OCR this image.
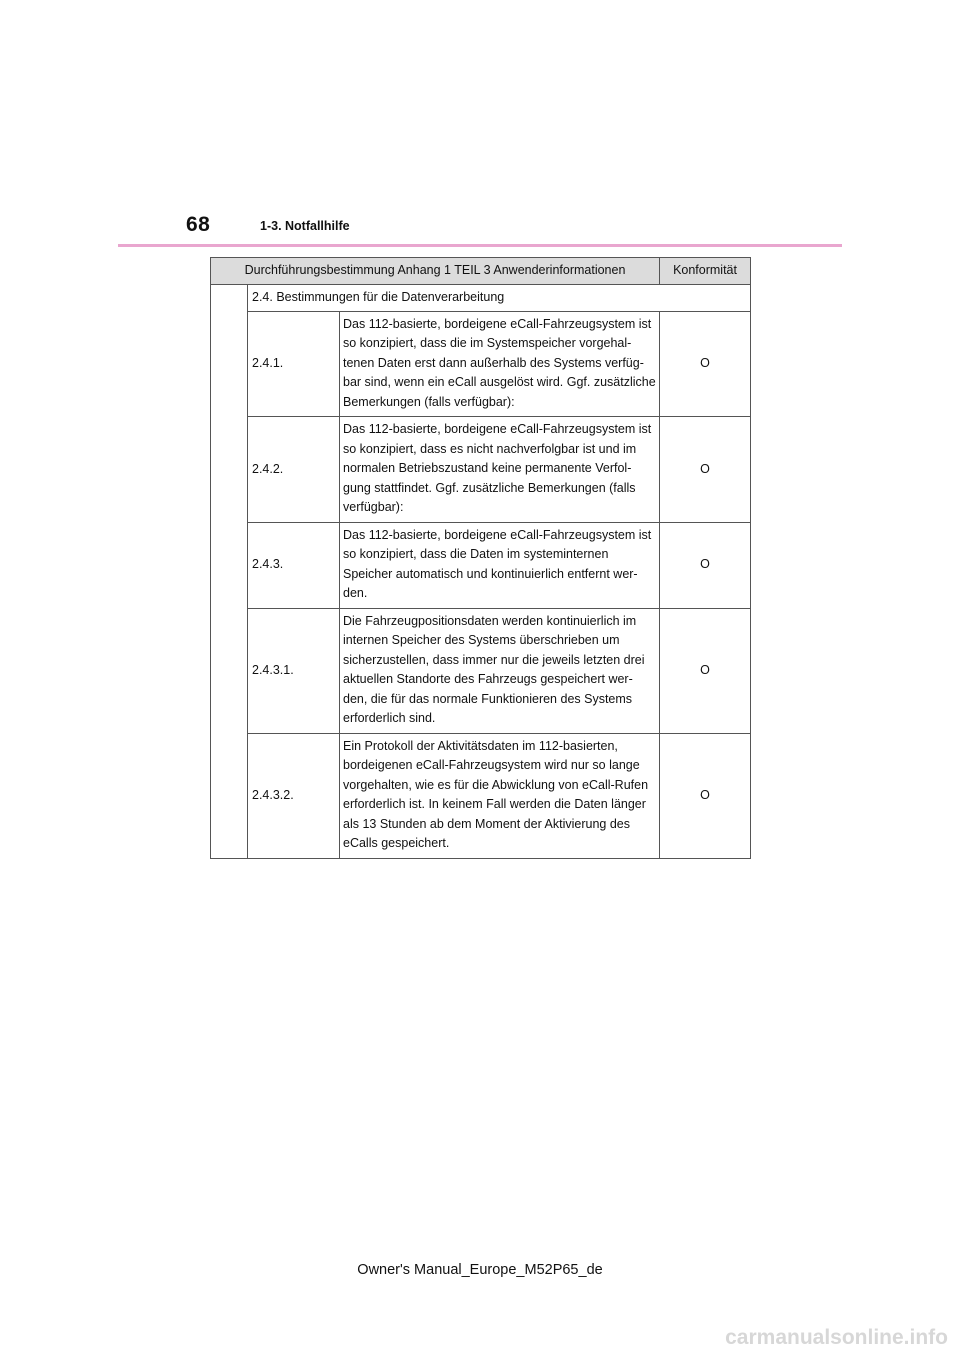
68	1-3. Notfallhilfe
Durchführungsbestimmung Anhang 1 TEIL 3 Anwenderinformationen			Konformität
	2.4. Bestimmungen für die Datenverarbeitung		
	2.4.1.	Das 112-basierte, bordeigene eCall-Fahrzeugsystem ist so konzipiert, dass die im Systemspeicher vorgehal- tenen Daten erst dann außerhalb des Systems verfüg- bar sind, wenn ein eCall ausgelöst wird. Ggf. zusätzliche Bemerkungen (falls verfügbar):	O
	2.4.2.	Das 112-basierte, bordeigene eCall-Fahrzeugsystem ist so konzipiert, dass es nicht nachverfolgbar ist und im normalen Betriebszustand keine permanente Verfol- gung stattfindet. Ggf. zusätzliche Bemerkungen (falls verfügbar):	O
	2.4.3.	Das 112-basierte, bordeigene eCall-Fahrzeugsystem ist so konzipiert, dass die Daten im systeminternen Speicher automatisch und kontinuierlich entfernt wer- den.	O
	2.4.3.1.	Die Fahrzeugpositionsdaten werden kontinuierlich im internen Speicher des Systems überschrieben um sicherzustellen, dass immer nur die jeweils letzten drei aktuellen Standorte des Fahrzeugs gespeichert wer- den, die für das normale Funktionieren des Systems erforderlich sind.	O
	2.4.3.2.	Ein Protokoll der Aktivitätsdaten im 112-basierten, bordeigenen eCall-Fahrzeugsystem wird nur so lange vorgehalten, wie es für die Abwicklung von eCall-Rufen erforderlich ist. In keinem Fall werden die Daten länger als 13 Stunden ab dem Moment der Aktivierung des eCalls gespeichert.	O
Owner's Manual_Europe_M52P65_de
carmanualsonline.info
